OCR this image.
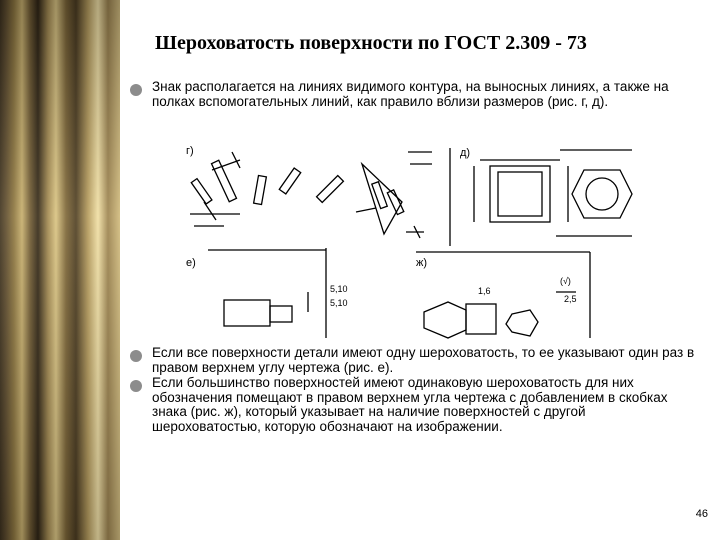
Шероховатость поверхности по ГОСТ 2.309 - 73
Знак располагается на линиях видимого контура, на выносных линиях, а также на полках вспомогательных линий, как правило вблизи размеров (рис. г, д).
Если все поверхности детали имеют одну шероховатость, то ее указывают один раз в правом верхнем углу чертежа (рис. е).
Если большинство поверхностей имеют одинаковую шероховатость для них обозначения помещают в правом верхнем угла чертежа с добавлением в скобках знака (рис. ж), который указывает на наличие поверхностей с другой шероховатостью, которую обозначают на изображении.
г)	д)
е)	ж)
5,10
5,10
1,6
2,5
(√)
46
